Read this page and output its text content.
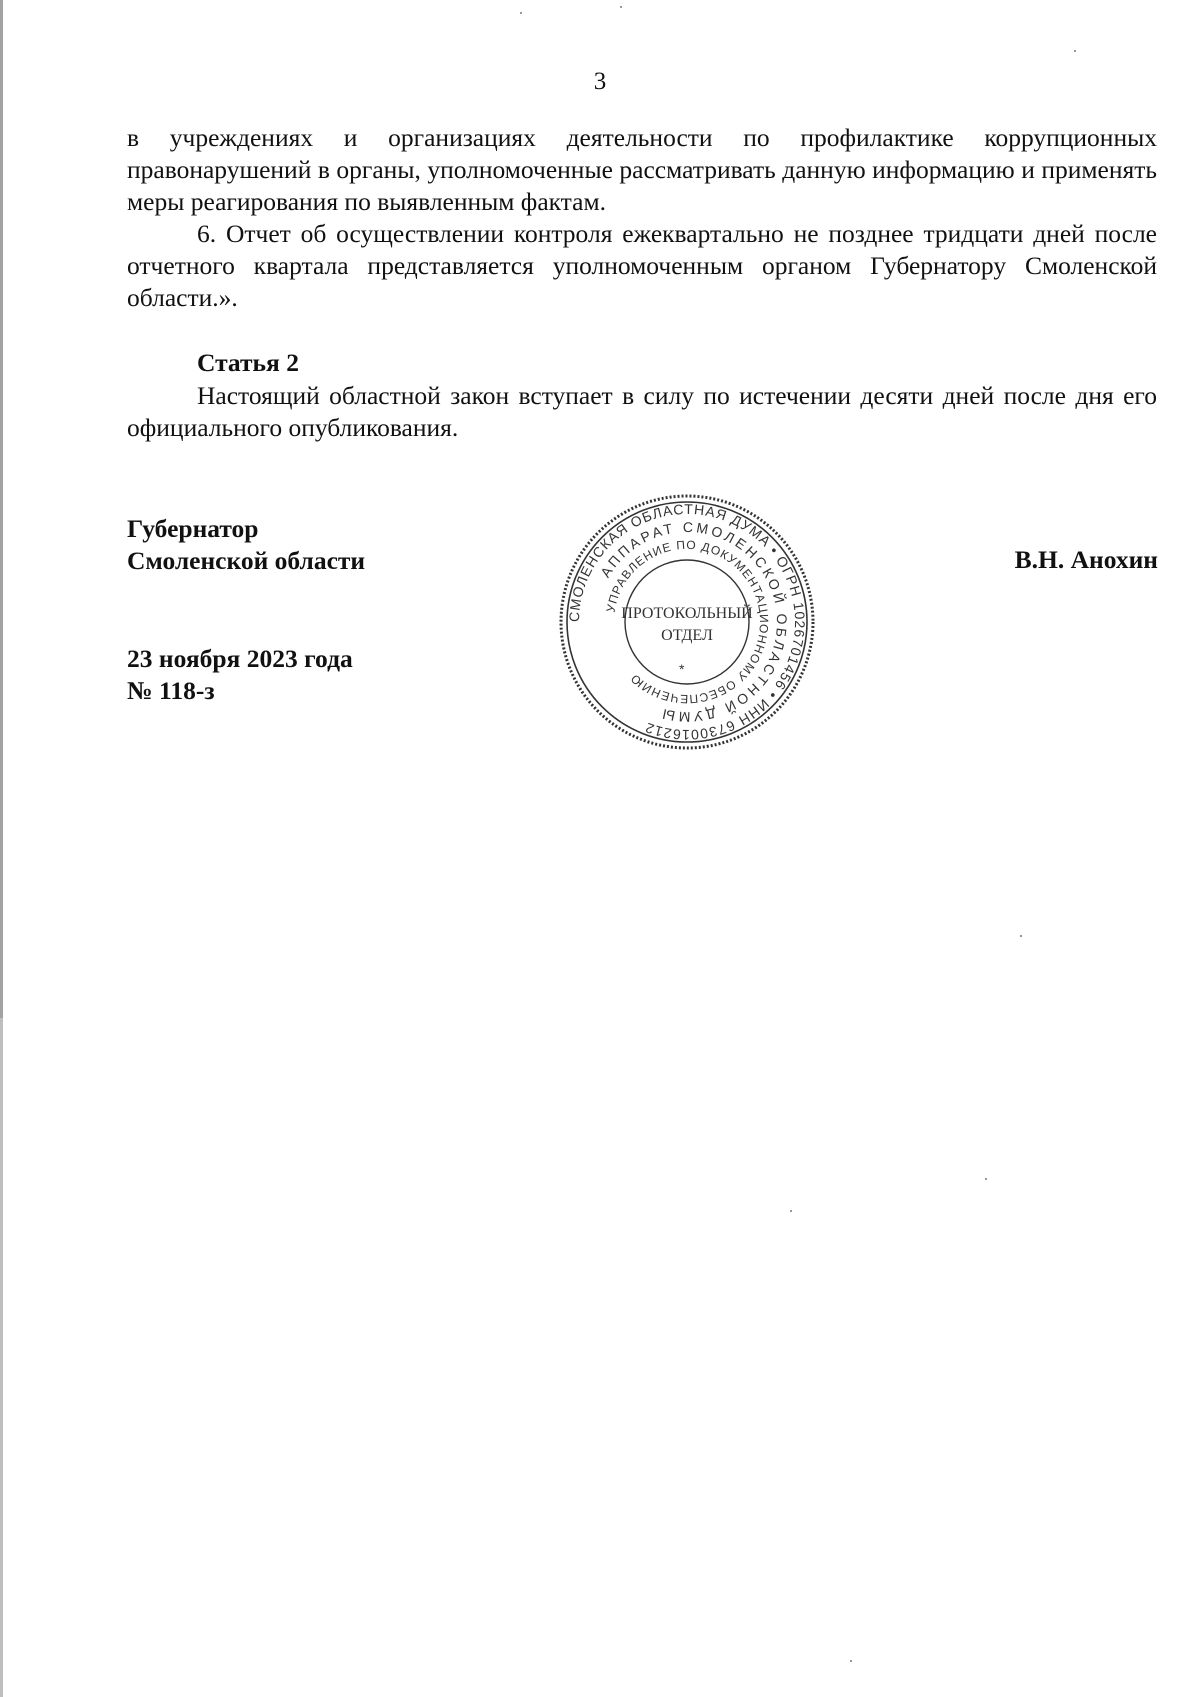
3

в учреждениях и организациях деятельности по профилактике коррупционных правонарушений в органы, уполномоченные рассматривать данную информацию и применять меры реагирования по выявленным фактам.

6. Отчет об осуществлении контроля ежеквартально не позднее тридцати дней после отчетного квартала представляется уполномоченным органом Губернатору Смоленской области.».

Статья 2

Настоящий областной закон вступает в силу по истечении десяти дней после дня его официального опубликования.

Губернатор
Смоленской области	В.Н. Анохин
23 ноября 2023 года
№ 118-з
СМОЛЕНСКАЯ ОБЛАСТНАЯ ДУМА • ОГРН 1026701456 • ИНН 6730016212
АППАРАТ СМОЛЕНСКОЙ ОБЛАСТНОЙ ДУМЫ
УПРАВЛЕНИЕ ПО ДОКУМЕНТАЦИОННОМУ ОБЕСПЕЧЕНИЮ
ПРОТОКОЛЬНЫЙ
ОТДЕЛ
*
